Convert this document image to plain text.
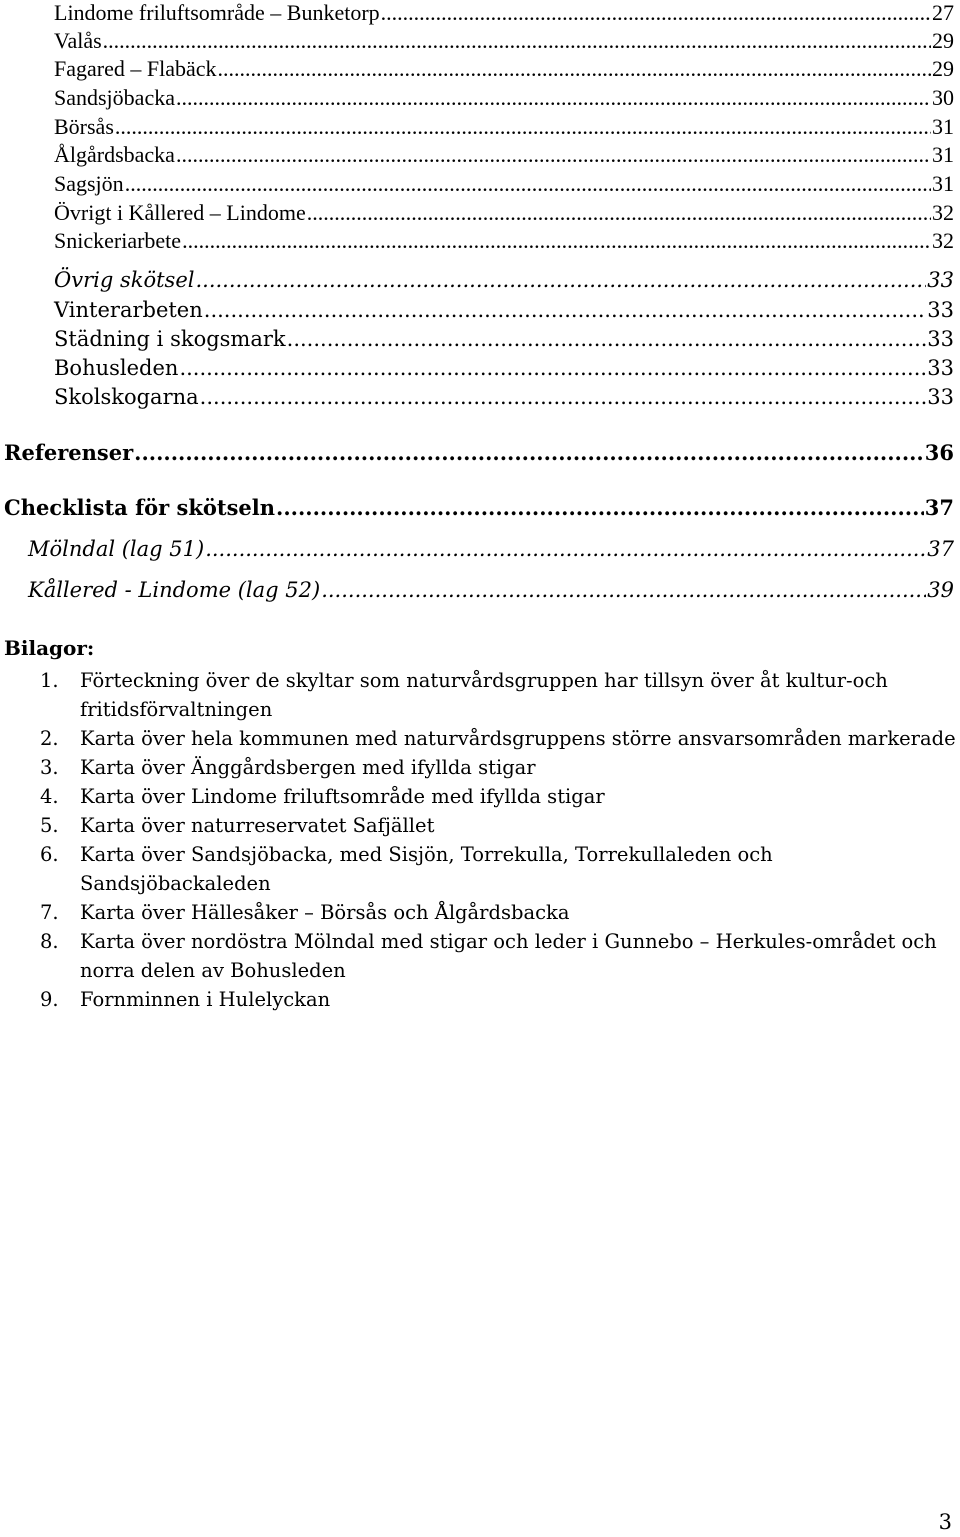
Lindome friluftsområde – Bunketorp .....	27
Valås .....	29
Fagared – Flabäck .....	29
Sandsjöbacka .....	30
Börsås .....	31
Ålgårdsbacka .....	31
Sagsjön .....	31
Övrigt i Kållered – Lindome .....	32
Snickeriarbete .....	32
Övrig skötsel .....	33
Vinterarbeten .....	33
Städning i skogsmark .....	33
Bohusleden .....	33
Skolskogarna .....	33
Referenser .....	36
Checklista för skötseln .....	37
Mölndal (lag 51) .....	37
Kållered - Lindome (lag 52) .....	39
Bilagor:
1.	Förteckning över de skyltar som naturvårdsgruppen har tillsyn över åt kultur-och fritidsförvaltningen
2.	Karta över hela kommunen med naturvårdsgruppens större ansvarsområden markerade
3.	Karta över Änggårdsbergen med ifyllda stigar
4.	Karta över Lindome friluftsområde med ifyllda stigar
5.	Karta över naturreservatet Safjället
6.	Karta över Sandsjöbacka, med Sisjön, Torrekulla, Torrekullaleden och Sandsjöbackaleden
7.	Karta över Hällesåker – Börsås och Ålgårdsbacka
8.	Karta över nordöstra Mölndal med stigar och leder i Gunnebo – Herkules-området och norra delen av Bohusleden
9.	Fornminnen i Hulelyckan
3
